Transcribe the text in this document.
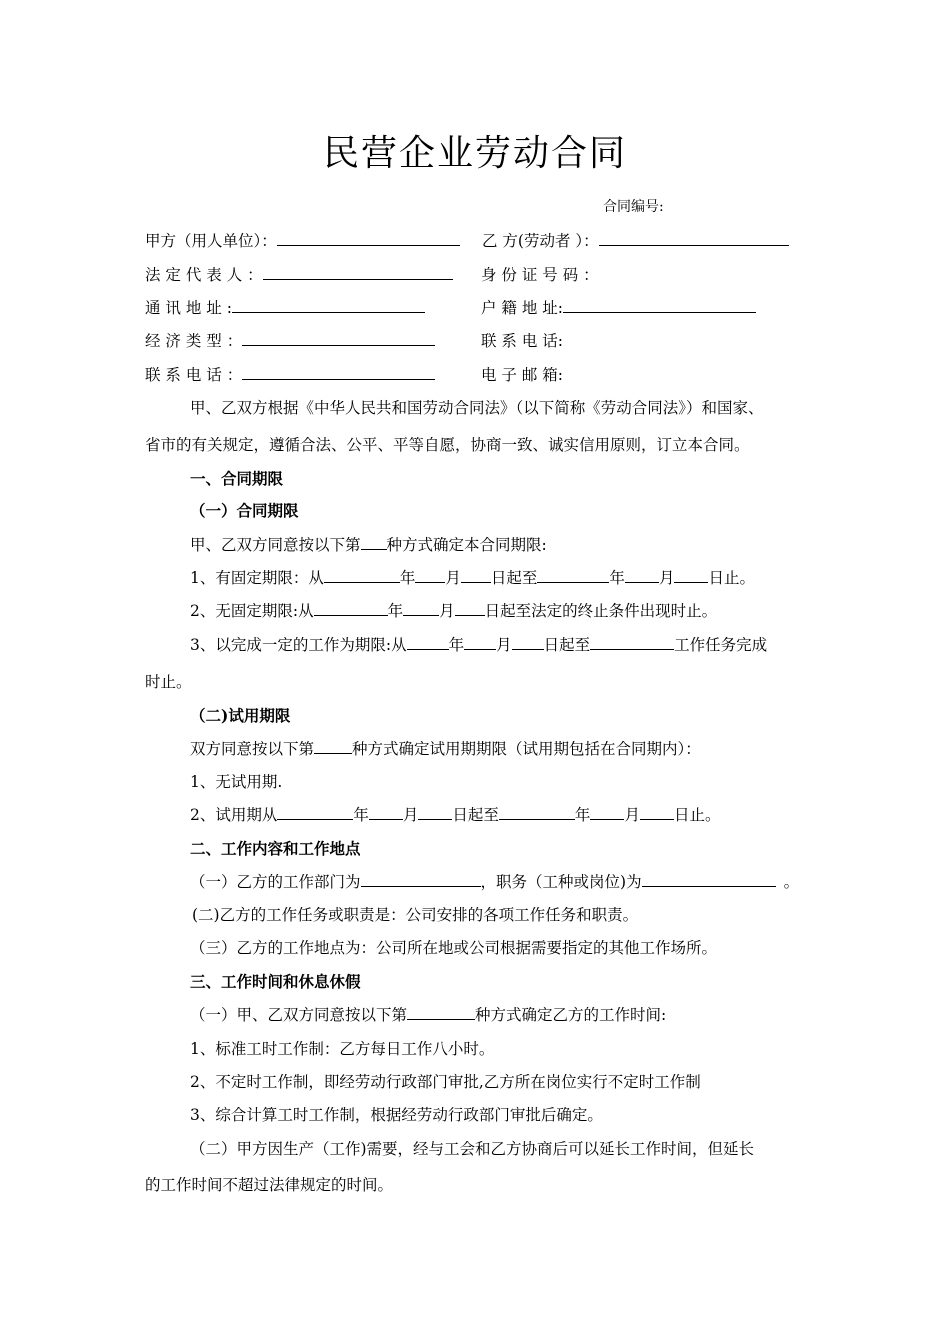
民营企业劳动合同
合同编号:
甲方（用人单位）：	乙 方(劳动者 ）：
法 定 代 表 人 ：	身 份 证 号 码 ：
通 讯 地 址 :	户 籍 地 址:
经 济 类 型 ：	联 系 电 话:
联 系 电 话 ：	电 子 邮 箱:
甲、乙双方根据《中华人民共和国劳动合同法》（以下简称《劳动合同法》）和国家、
省市的有关规定，遵循合法、公平、平等自愿，协商一致、诚实信用原则，订立本合同。
一、合同期限
（一）合同期限
甲、乙双方同意按以下第 种方式确定本合同期限:
1、有固定期限：从	年 月 日起至	年 月 日止。
2、无固定期限:从	年 月 日起至法定的终止条件出现时止。
3、以完成一定的工作为期限:从	年 月 日起至	工作任务完成
时止。
（二)试用期限
双方同意按以下第 种方式确定试用期期限（试用期包括在合同期内）：
1、无试用期.
2、试用期从	年 月 日起至	年 月 日止。
二、工作内容和工作地点
（一）乙方的工作部门为	，职务（工种或岗位)为	。
(二)乙方的工作任务或职责是：公司安排的各项工作任务和职责。
（三）乙方的工作地点为：公司所在地或公司根据需要指定的其他工作场所。
三、工作时间和休息休假
（一）甲、乙双方同意按以下第	种方式确定乙方的工作时间:
1、标准工时工作制：乙方每日工作八小时。
2、不定时工作制，即经劳动行政部门审批,乙方所在岗位实行不定时工作制
3、综合计算工时工作制，根据经劳动行政部门审批后确定。
（二）甲方因生产（工作)需要，经与工会和乙方协商后可以延长工作时间，但延长
的工作时间不超过法律规定的时间。
